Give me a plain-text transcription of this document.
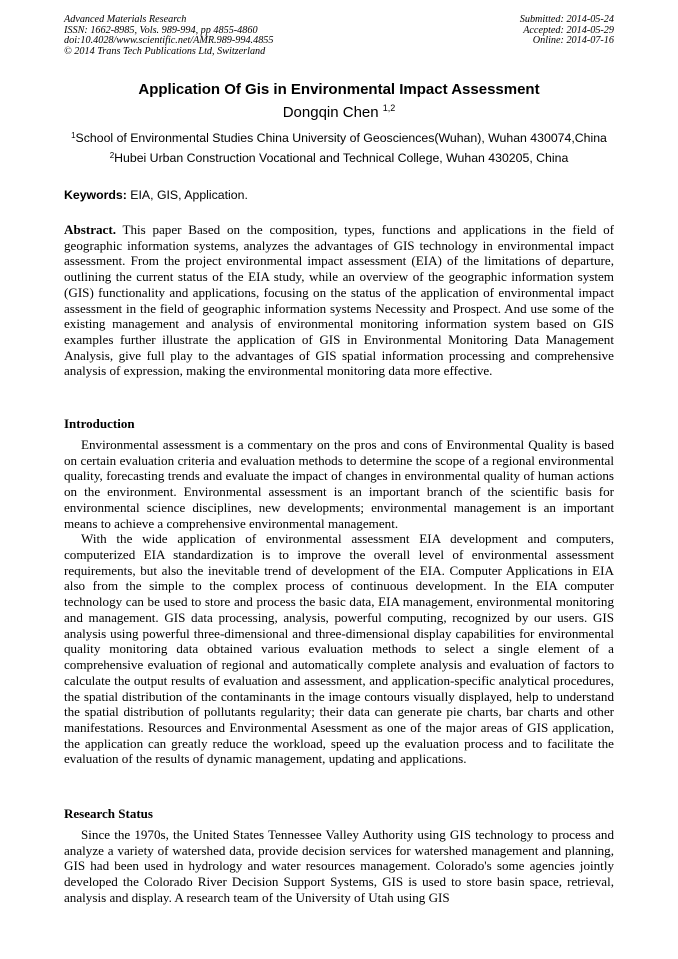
Advanced Materials Research
ISSN: 1662-8985, Vols. 989-994, pp 4855-4860
doi:10.4028/www.scientific.net/AMR.989-994.4855
© 2014 Trans Tech Publications Ltd, Switzerland
Submitted: 2014-05-24
Accepted: 2014-05-29
Online: 2014-07-16
Application Of Gis in Environmental Impact Assessment
Dongqin Chen $^{1,2}$
$^1$School of Environmental Studies China University of Geosciences(Wuhan), Wuhan 430074,China
$^2$Hubei Urban Construction Vocational and Technical College, Wuhan 430205, China
Keywords: EIA, GIS, Application.

Abstract. This paper Based on the composition, types, functions and applications in the field of geographic information systems, analyzes the advantages of GIS technology in environmental impact assessment. From the project environmental impact assessment (EIA) of the limitations of departure, outlining the current status of the EIA study, while an overview of the geographic information system (GIS) functionality and applications, focusing on the status of the application of environmental impact assessment in the field of geographic information systems Necessity and Prospect. And use some of the existing management and analysis of environmental monitoring information system based on GIS examples further illustrate the application of GIS in Environmental Monitoring Data Management Analysis, give full play to the advantages of GIS spatial information processing and comprehensive analysis of expression, making the environmental monitoring data more effective.

Introduction

Environmental assessment is a commentary on the pros and cons of Environmental Quality is based on certain evaluation criteria and evaluation methods to determine the scope of a regional environmental quality, forecasting trends and evaluate the impact of changes in environmental quality of human actions on the environment. Environmental assessment is an important branch of the scientific basis for environmental science disciplines, new developments; environmental management is an important means to achieve a comprehensive environmental management.

With the wide application of environmental assessment EIA development and computers, computerized EIA standardization is to improve the overall level of environmental assessment requirements, but also the inevitable trend of development of the EIA. Computer Applications in EIA also from the simple to the complex process of continuous development. In the EIA computer technology can be used to store and process the basic data, EIA management, environmental monitoring and management. GIS data processing, analysis, powerful computing, recognized by our users. GIS analysis using powerful three-dimensional and three-dimensional display capabilities for environmental quality monitoring data obtained various evaluation methods to select a single element of a comprehensive evaluation of regional and automatically complete analysis and evaluation of factors to calculate the output results of evaluation and assessment, and application-specific analytical procedures, the spatial distribution of the contaminants in the image contours visually displayed, help to understand the spatial distribution of pollutants regularity; their data can generate pie charts, bar charts and other manifestations. Resources and Environmental Asessment as one of the major areas of GIS application, the application can greatly reduce the workload, speed up the evaluation process and to facilitate the evaluation of the results of dynamic management, updating and applications.

Research Status

Since the 1970s, the United States Tennessee Valley Authority using GIS technology to process and analyze a variety of watershed data, provide decision services for watershed management and planning, GIS had been used in hydrology and water resources management. Colorado's some agencies jointly developed the Colorado River Decision Support Systems, GIS is used to store basin space, retrieval, analysis and display. A research team of the University of Utah using GIS
